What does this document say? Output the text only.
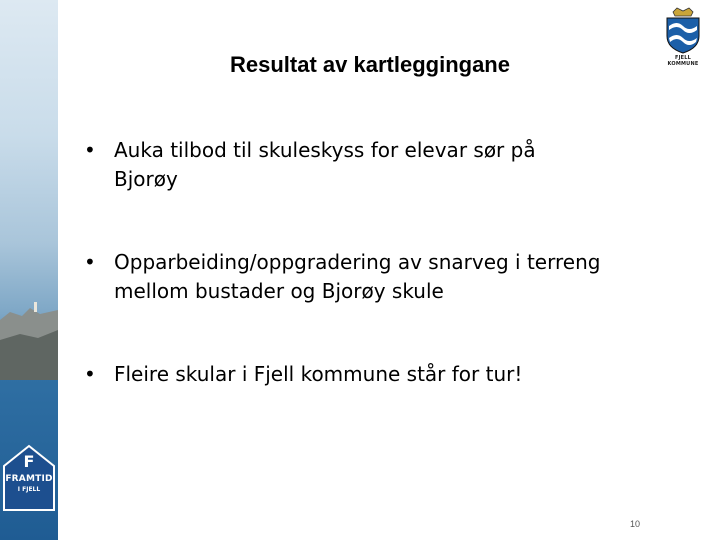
F
FRAMTID
I FJELL
FJELL KOMMUNE
Resultat av kartleggingane
• Auka tilbod til skuleskyss for elevar sør på Bjorøy
• Opparbeiding/oppgradering av snarveg i terreng mellom bustader og Bjorøy skule
• Fleire skular i Fjell kommune står for tur!
10
